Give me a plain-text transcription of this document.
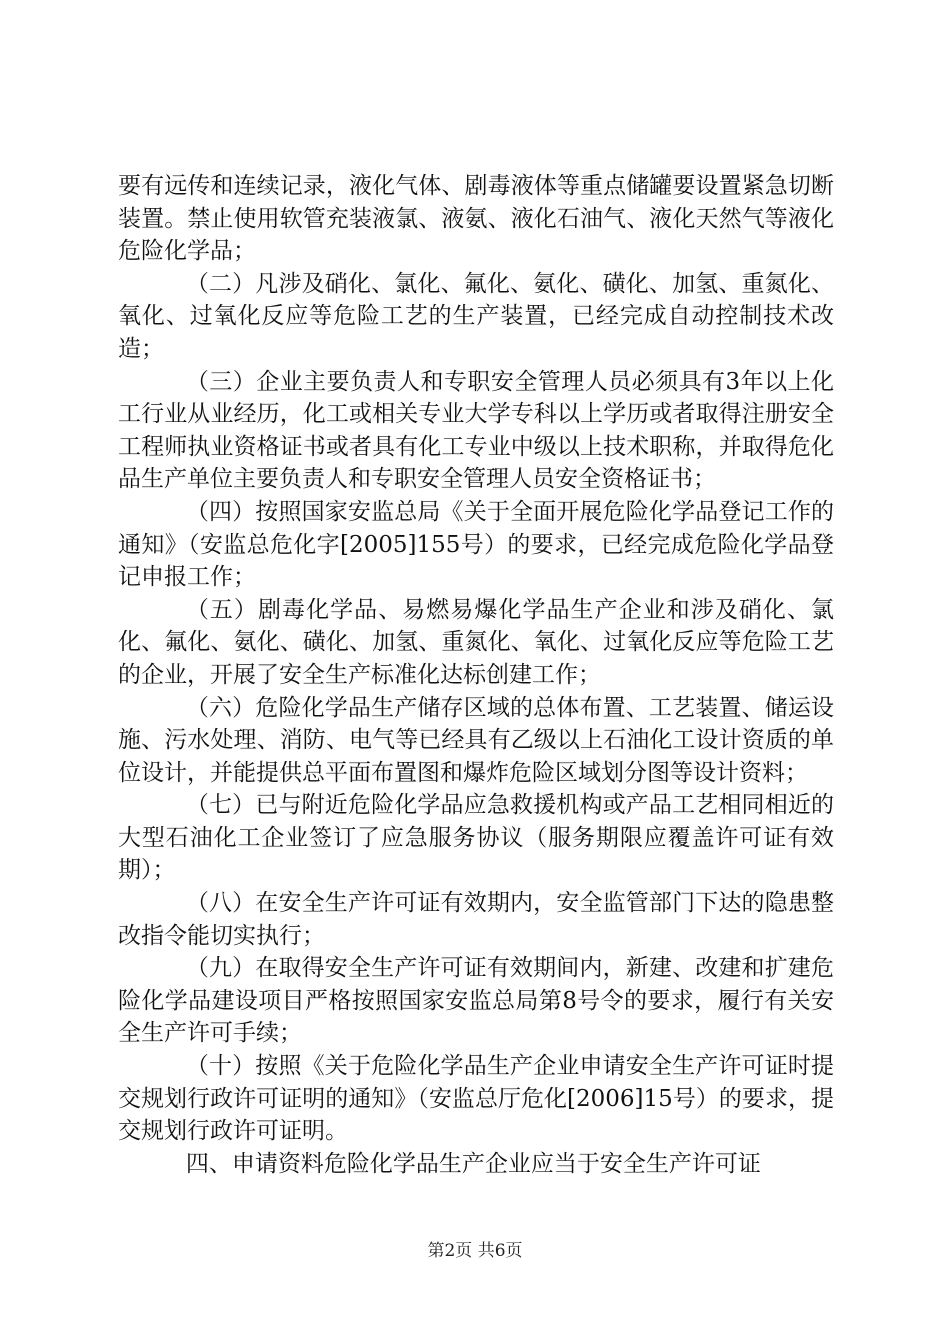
要有远传和连续记录，液化气体、剧毒液体等重点储罐要设置紧急切断装置。禁止使用软管充装液氯、液氨、液化石油气、液化天然气等液化危险化学品；

（二）凡涉及硝化、氯化、氟化、氨化、磺化、加氢、重氮化、氧化、过氧化反应等危险工艺的生产装置，已经完成自动控制技术改造；

（三）企业主要负责人和专职安全管理人员必须具有3年以上化工行业从业经历，化工或相关专业大学专科以上学历或者取得注册安全工程师执业资格证书或者具有化工专业中级以上技术职称，并取得危化品生产单位主要负责人和专职安全管理人员安全资格证书；

（四）按照国家安监总局《关于全面开展危险化学品登记工作的通知》（安监总危化字[2005]155号）的要求，已经完成危险化学品登记申报工作；

（五）剧毒化学品、易燃易爆化学品生产企业和涉及硝化、氯化、氟化、氨化、磺化、加氢、重氮化、氧化、过氧化反应等危险工艺的企业，开展了安全生产标准化达标创建工作；

（六）危险化学品生产储存区域的总体布置、工艺装置、储运设施、污水处理、消防、电气等已经具有乙级以上石油化工设计资质的单位设计，并能提供总平面布置图和爆炸危险区域划分图等设计资料；

（七）已与附近危险化学品应急救援机构或产品工艺相同相近的大型石油化工企业签订了应急服务协议（服务期限应覆盖许可证有效期）；

（八）在安全生产许可证有效期内，安全监管部门下达的隐患整改指令能切实执行；

（九）在取得安全生产许可证有效期间内，新建、改建和扩建危险化学品建设项目严格按照国家安监总局第8号令的要求，履行有关安全生产许可手续；

（十）按照《关于危险化学品生产企业申请安全生产许可证时提交规划行政许可证明的通知》（安监总厅危化[2006]15号）的要求，提交规划行政许可证明。

四、申请资料危险化学品生产企业应当于安全生产许可证

第2页 共6页
